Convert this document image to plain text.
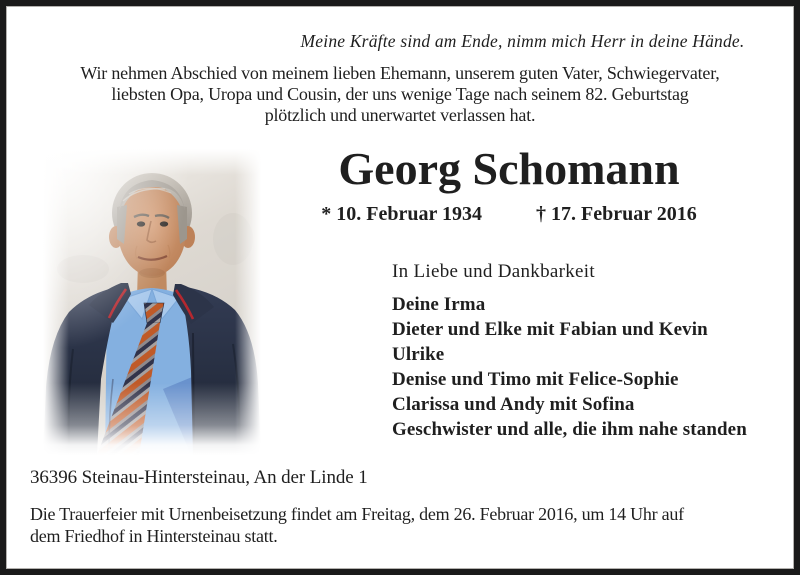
Meine Kräfte sind am Ende, nimm mich Herr in deine Hände.
Wir nehmen Abschied von meinem lieben Ehemann, unserem guten Vater, Schwiegervater,
liebsten Opa, Uropa und Cousin, der uns wenige Tage nach seinem 82. Geburtstag
plötzlich und unerwartet verlassen hat.
Georg Schomann
* 10. Februar 1934	† 17. Februar 2016
In Liebe und Dankbarkeit
Deine Irma
Dieter und Elke mit Fabian und Kevin
Ulrike
Denise und Timo mit Felice-Sophie
Clarissa und Andy mit Sofina
Geschwister und alle, die ihm nahe standen
36396 Steinau-Hintersteinau, An der Linde 1
Die Trauerfeier mit Urnenbeisetzung findet am Freitag, dem 26. Februar 2016, um 14 Uhr auf
dem Friedhof in Hintersteinau statt.
